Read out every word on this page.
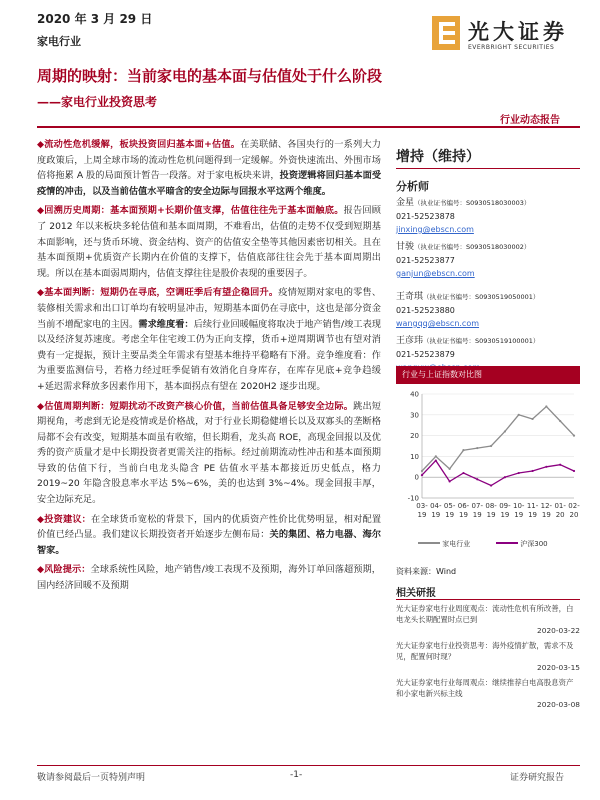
2020 年 3 月 29 日
家电行业	光大证券
EVERBRIGHT SECURITIES
周期的映射：当前家电的基本面与估值处于什么阶段
——家电行业投资思考
行业动态报告

◆流动性危机缓解，板块投资回归基本面+估值。在美联储、各国央行的一系列大力度政策后，上周全球市场的流动性危机问题得到一定缓解。外资快速流出、外围市场倍将拖累 A 股的局面预计暂告一段落。对于家电板块来讲，投资逻辑将回归基本面受疫情的冲击，以及当前估值水平暗含的安全边际与回报水平这两个维度。

◆回溯历史周期：基本面预期+长期价值支撑，估值往往先于基本面触底。报告回顾了 2012 年以来板块多轮估值和基本面周期，不难看出，估值的走势不仅受到短期基本面影响，还与货币环境、资金结构、资产的估值安全垫等其他因素密切相关。且在基本面预期+优质资产长期内在价值的支撑下，估值底部往往会先于基本面周期出现。所以在基本面弱周期内，估值支撑往往是股价表现的重要因子。

◆基本面判断：短期仍在寻底，空调旺季后有望企稳回升。疫情短期对家电的零售、装修相关需求和出口订单均有较明显冲击，短期基本面仍在寻底中，这也是部分资金当前不增配家电的主因。需求维度看：后续行业回暖幅度将取决于地产销售/竣工表现以及经济复苏速度。考虑全年住宅竣工仍为正向支撑，货币+逆周期调节也有望对消费有一定提振，预计主要品类全年需求有望基本维持平稳略有下滑。竞争维度看：作为重要监测信号，若格力经过旺季促销有效消化自身库存，在库存见底+竞争趋缓+延迟需求释放多因素作用下，基本面拐点有望在 2020H2 逐步出现。

◆估值周期判断：短期扰动不改资产核心价值，当前估值具备足够安全边际。跳出短期视角，考虑到无论是疫情或是价格战，对于行业长期稳健增长以及双寡头的垄断格局都不会有改变，短期基本面虽有收缩，但长期看，龙头高 ROE，高现金回报以及优秀的资产质量才是中长期投资者更需关注的指标。经过前期流动性冲击和基本面预期导致的估值下行，当前白电龙头隐含 PE 估值水平基本都接近历史低点，格力 2019~20 年隐含股息率水平达 5%~6%，美的也达到 3%~4%。现金回报丰厚，安全边际充足。

◆投资建议：在全球货币宽松的背景下，国内的优质资产性价比优势明显，相对配置价值已经凸显。我们建议长期投资者开始逐步左侧布局：关的集团、格力电器、海尔智家。

◆风险提示：全球系统性风险，地产销售/竣工表现不及预期，海外订单回落超预期，国内经济回暖不及预期

增持（维持）
分析师
金星（执业证书编号：S0930518030003）
021-52523878
jinxing@ebscn.com
甘骏（执业证书编号：S0930518030002）
021-52523877
ganjun@ebscn.com
王奇琪（执业证书编号：S0930519050001）
021-52523880
wangqq@ebscn.com
王彦玮（执业证书编号：S0930519100001）
021-52523879
行业与上证指数对比图
-10
0
10
20
30
40
03-
19
04-
19
05-
19
06-
19
07-
19
08-
19
09-
19
10-
19
11-
19
12-
19
01-
20
02-
20
家电行业	沪深300
资料来源：Wind
相关研报
光大证券家电行业周度观点：流动性危机有所改善，白电龙头长期配置时点已到
2020-03-22
光大证券家电行业投资思考：海外疫情扩散，需求不及见，配置何时现？
2020-03-15
光大证券家电行业每周观点：继续推荐白电高股息资产和小家电新兴标主线
2020-03-08
敬请参阅最后一页特别声明	-1-	证券研究报告
